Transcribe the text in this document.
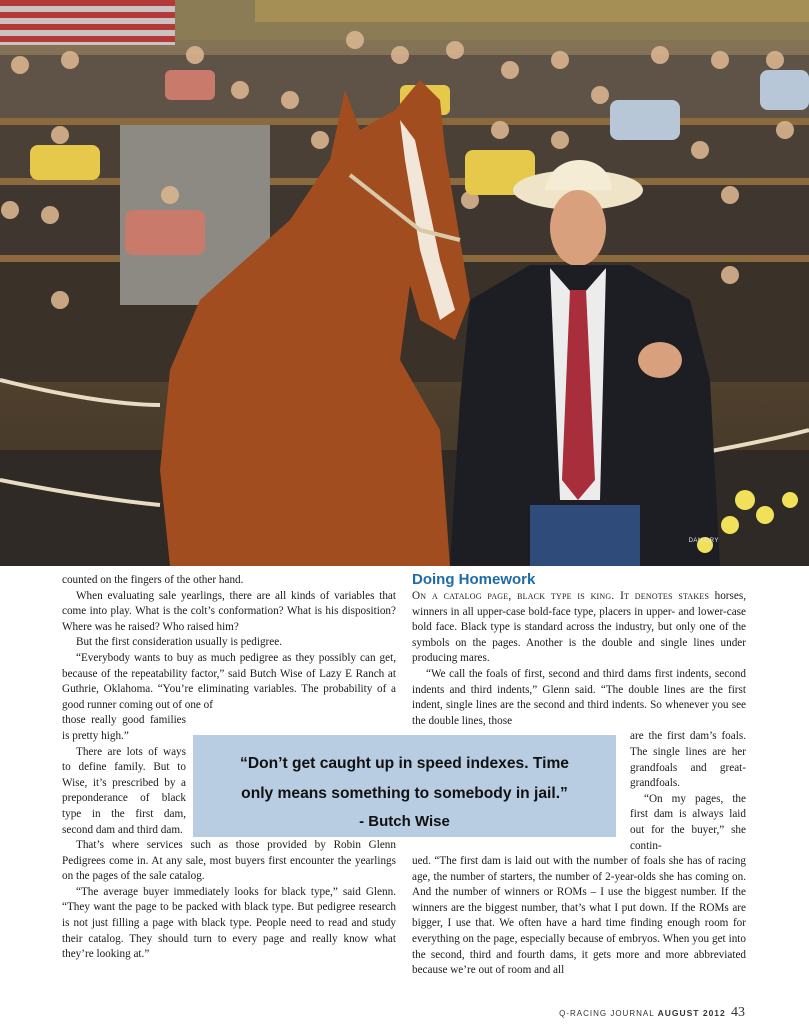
DAN DRY

counted on the fingers of the other hand.

When evaluating sale yearlings, there are all kinds of variables that come into play. What is the colt’s conformation? What is his disposition? Where was he raised? Who raised him?

But the first consideration usually is pedigree.

“Everybody wants to buy as much pedigree as they possibly can get, because of the repeatability factor,” said Butch Wise of Lazy E Ranch at Guthrie, Oklahoma. “You’re eliminating variables. The probability of a good runner coming out of one of

those really good families is pretty high.”

There are lots of ways to define family. But to Wise, it’s prescribed by a preponderance of black type in the first dam, second dam and third dam.

That’s where services such as those provided by Robin Glenn Pedigrees come in. At any sale, most buyers first encounter the yearlings on the pages of the sale catalog.

“The average buyer immediately looks for black type,” said Glenn. “They want the page to be packed with black type. But pedigree research is not just filling a page with black type. People need to read and study their catalog. They should turn to every page and really know what they’re looking at.”

Doing Homework

On a catalog page, black type is king. It denotes stakes horses, winners in all upper-case bold-face type, placers in upper- and lower-case bold face. Black type is standard across the industry, but only one of the symbols on the pages. Another is the double and single lines under producing mares.

“We call the foals of first, second and third dams first indents, second indents and third indents,” Glenn said. “The double lines are the first indent, single lines are the second and third indents. So whenever you see the double lines, those

are the first dam’s foals. The single lines are her grandfoals and great-grandfoals.

“On my pages, the first dam is always laid out for the buyer,” she contin-

ued. “The first dam is laid out with the number of foals she has of racing age, the number of starters, the number of 2-year-olds she has coming on. And the number of winners or ROMs – I use the biggest number. If the winners are the biggest number, that’s what I put down. If the ROMs are bigger, I use that. We often have a hard time finding enough room for everything on the page, especially because of embryos. When you get into the second, third and fourth dams, it gets more and more abbreviated because we’re out of room and all

“Don’t get caught up in speed indexes. Time
only means something to somebody in jail.”
- Butch Wise
Q-RACING JOURNAL AUGUST 2012 43
